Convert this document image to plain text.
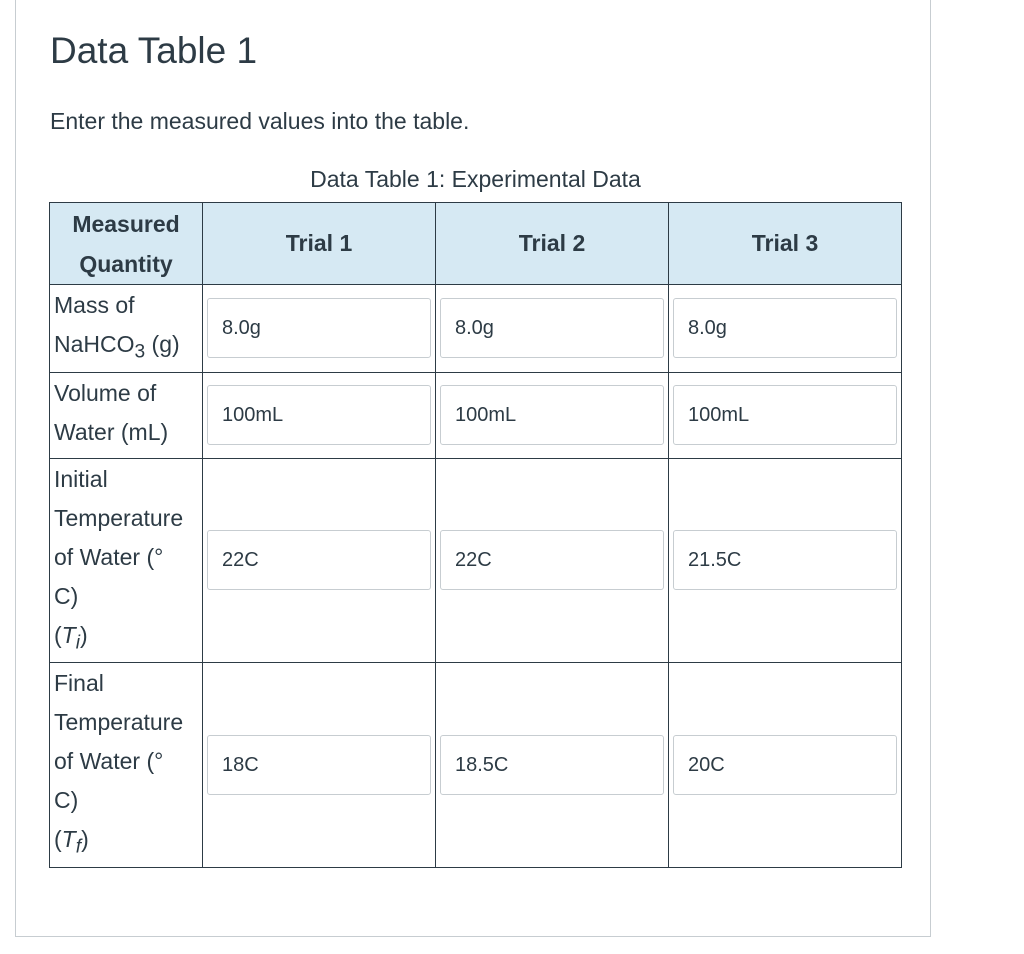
Data Table 1

Enter the measured values into the table.

Data Table 1: Experimental Data
Measured
Quantity	Trial 1	Trial 2	Trial 3
Mass of
NaHCO$_3$ (g)	8.0g	8.0g	8.0g

Volume of
Water (mL)	100mL	100mL	100mL

Initial
Temperature
of Water (°
C)
$(T_i)$	22C	22C	21.5C

Final
Temperature
of Water (°
C)
$(T_f)$	18C	18.5C	20C
